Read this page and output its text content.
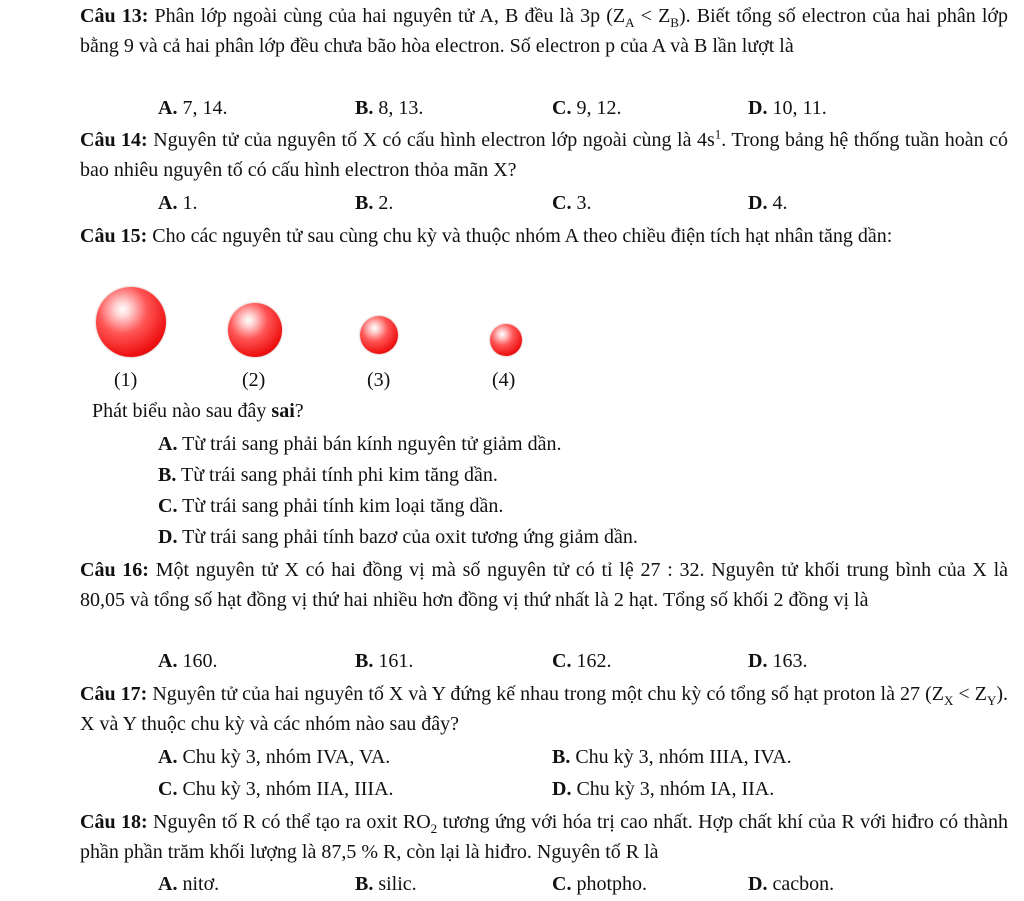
Câu 13: Phân lớp ngoài cùng của hai nguyên tử A, B đều là 3p $(Z_A < Z_B)$. Biết tổng số electron của hai phân lớp bằng 9 và cả hai phân lớp đều chưa bão hòa electron. Số electron p của A và B lần lượt là
A. 7, 14.	B. 8, 13.	C. 9, 12.	D. 10, 11.
Câu 14: Nguyên tử của nguyên tố X có cấu hình electron lớp ngoài cùng là $4s^1$. Trong bảng hệ thống tuần hoàn có bao nhiêu nguyên tố có cấu hình electron thỏa mãn X?
A. 1.	B. 2.	C. 3.	D. 4.
Câu 15: Cho các nguyên tử sau cùng chu kỳ và thuộc nhóm A theo chiều điện tích hạt nhân tăng dần:
(1)	(2)	(3)	(4)
Phát biểu nào sau đây sai?
A. Từ trái sang phải bán kính nguyên tử giảm dần.
B. Từ trái sang phải tính phi kim tăng dần.
C. Từ trái sang phải tính kim loại tăng dần.
D. Từ trái sang phải tính bazơ của oxit tương ứng giảm dần.
Câu 16: Một nguyên tử X có hai đồng vị mà số nguyên tử có tỉ lệ 27 : 32. Nguyên tử khối trung bình của X là 80,05 và tổng số hạt đồng vị thứ hai nhiều hơn đồng vị thứ nhất là 2 hạt. Tổng số khối 2 đồng vị là
A. 160.	B. 161.	C. 162.	D. 163.
Câu 17: Nguyên tử của hai nguyên tố X và Y đứng kế nhau trong một chu kỳ có tổng số hạt proton là 27 $(Z_X < Z_Y)$. X và Y thuộc chu kỳ và các nhóm nào sau đây?
A. Chu kỳ 3, nhóm IVA, VA.	B. Chu kỳ 3, nhóm IIIA, IVA.
C. Chu kỳ 3, nhóm IIA, IIIA.	D. Chu kỳ 3, nhóm IA, IIA.
Câu 18: Nguyên tố R có thể tạo ra oxit $RO_2$ tương ứng với hóa trị cao nhất. Hợp chất khí của R với hiđro có thành phần phần trăm khối lượng là 87,5 % R, còn lại là hiđro. Nguyên tố R là
A. nitơ.	B. silic.	C. photpho.	D. cacbon.
